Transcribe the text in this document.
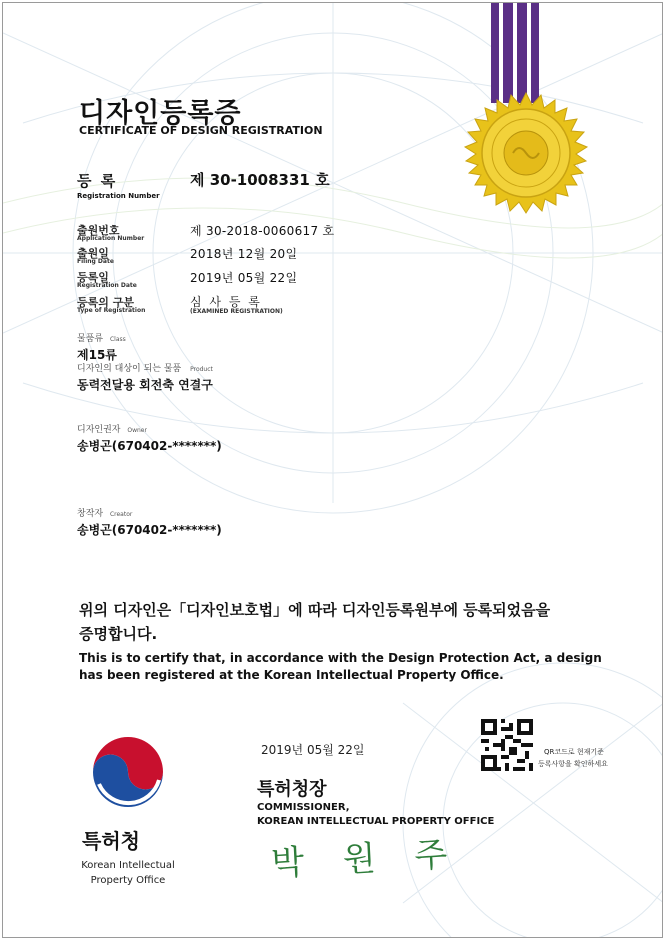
디자인등록증
CERTIFICATE OF DESIGN REGISTRATION
등 록
Registration Number
제 30-1008331 호
출원번호
Application Number
제 30-2018-0060617 호
출원일
Filing Date
2018년 12월 20일
등록일
Registration Date
2019년 05월 22일
등록의 구분
Type of Registration
심 사 등 록
(EXAMINED REGISTRATION)
물품류 Class
제15류
디자인의 대상이 되는 물품 Product
동력전달용 회전축 연결구
디자인권자 Owner
송병곤(670402-*******)
창작자 Creator
송병곤(670402-*******)
위의 디자인은「디자인보호법」에 따라 디자인등록원부에 등록되었음을
증명합니다.
This is to certify that, in accordance with the Design Protection Act, a design
has been registered at the Korean Intellectual Property Office.
2019년 05월 22일
특허청장
COMMISSIONER,
KOREAN INTELLECTUAL PROPERTY OFFICE
박 원 주
QR코드로 현재기준
등록사항을 확인하세요
특허청
Korean Intellectual
Property Office
